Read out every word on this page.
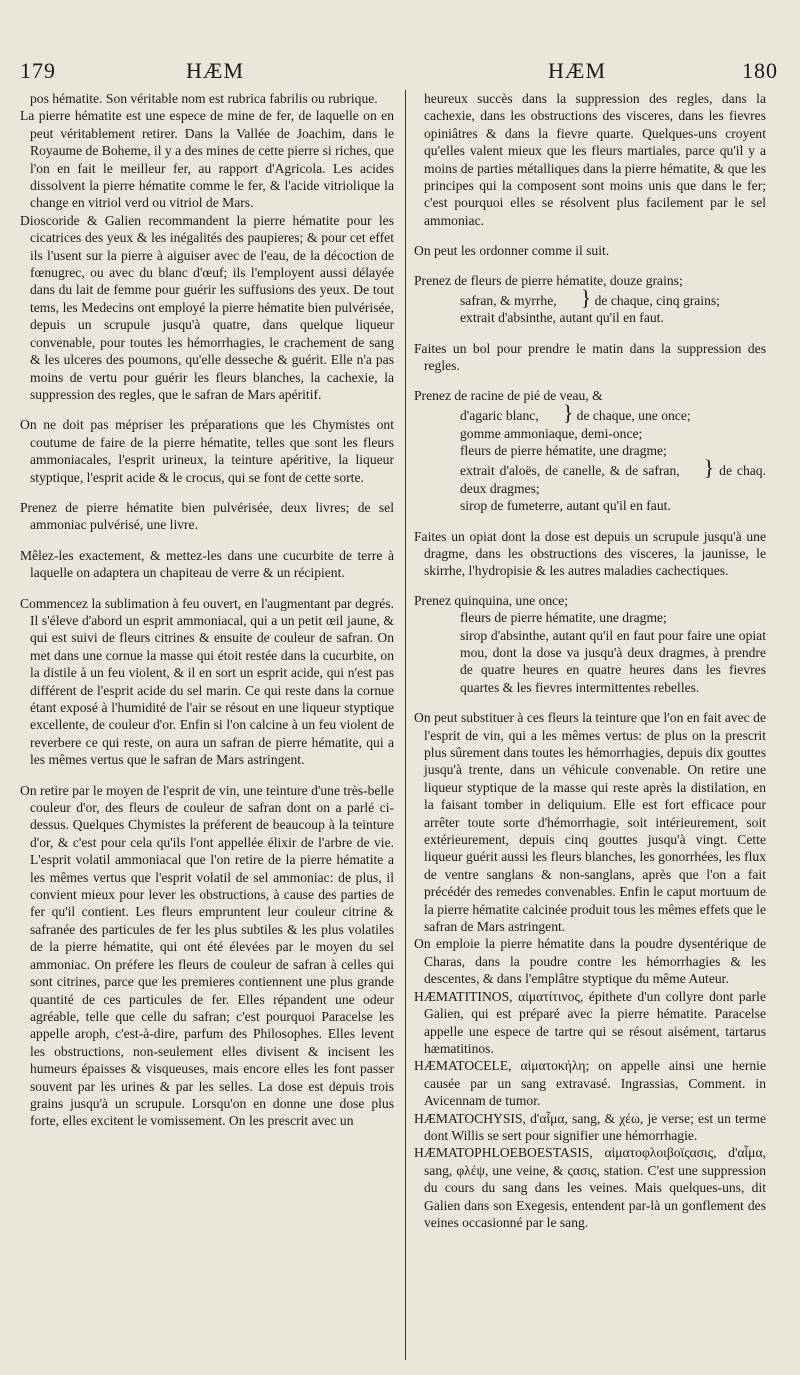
179	HÆM	HÆM	180

pos hématite. Son véritable nom est rubrica fabrilis ou rubrique.

La pierre hématite est une espece de mine de fer, de laquelle on en peut véritablement retirer. Dans la Vallée de Joachim, dans le Royaume de Boheme, il y a des mines de cette pierre si riches, que l'on en fait le meilleur fer, au rapport d'Agricola. Les acides dissolvent la pierre hématite comme le fer, & l'acide vitriolique la change en vitriol verd ou vitriol de Mars.

Dioscoride & Galien recommandent la pierre hématite pour les cicatrices des yeux & les inégalités des paupieres; & pour cet effet ils l'usent sur la pierre à aiguiser avec de l'eau, de la décoction de fœnugrec, ou avec du blanc d'œuf; ils l'employent aussi délayée dans du lait de femme pour guérir les suffusions des yeux. De tout tems, les Medecins ont employé la pierre hématite bien pulvérisée, depuis un scrupule jusqu'à quatre, dans quelque liqueur convenable, pour toutes les hémorrhagies, le crachement de sang & les ulceres des poumons, qu'elle desseche & guérit. Elle n'a pas moins de vertu pour guérir les fleurs blanches, la cachexie, la suppression des regles, que le safran de Mars apéritif.

On ne doit pas mépriser les préparations que les Chymistes ont coutume de faire de la pierre hématite, telles que sont les fleurs ammoniacales, l'esprit urineux, la teinture apéritive, la liqueur styptique, l'esprit acide & le crocus, qui se font de cette sorte.

Prenez de pierre hématite bien pulvérisée, deux livres; de sel ammoniac pulvérisé, une livre.

Mêlez-les exactement, & mettez-les dans une cucurbite de terre à laquelle on adaptera un chapiteau de verre & un récipient.

Commencez la sublimation à feu ouvert, en l'augmentant par degrés. Il s'éleve d'abord un esprit ammoniacal, qui a un petit œil jaune, & qui est suivi de fleurs citrines & ensuite de couleur de safran. On met dans une cornue la masse qui étoit restée dans la cucurbite, on la distile à un feu violent, & il en sort un esprit acide, qui n'est pas différent de l'esprit acide du sel marin. Ce qui reste dans la cornue étant exposé à l'humidité de l'air se résout en une liqueur styptique excellente, de couleur d'or. Enfin si l'on calcine à un feu violent de reverbere ce qui reste, on aura un safran de pierre hématite, qui a les mêmes vertus que le safran de Mars astringent.

On retire par le moyen de l'esprit de vin, une teinture d'une très-belle couleur d'or, des fleurs de couleur de safran dont on a parlé ci-dessus. Quelques Chymistes la préferent de beaucoup à la teinture d'or, & c'est pour cela qu'ils l'ont appellée élixir de l'arbre de vie. L'esprit volatil ammoniacal que l'on retire de la pierre hématite a les mêmes vertus que l'esprit volatil de sel ammoniac: de plus, il convient mieux pour lever les obstructions, à cause des parties de fer qu'il contient. Les fleurs empruntent leur couleur citrine & safranée des particules de fer les plus subtiles & les plus volatiles de la pierre hématite, qui ont été élevées par le moyen du sel ammoniac. On préfere les fleurs de couleur de safran à celles qui sont citrines, parce que les premieres contiennent une plus grande quantité de ces particules de fer. Elles répandent une odeur agréable, telle que celle du safran; c'est pourquoi Paracelse les appelle aroph, c'est-à-dire, parfum des Philosophes. Elles levent les obstructions, non-seulement elles divisent & incisent les humeurs épaisses & visqueuses, mais encore elles les font passer souvent par les urines & par les selles. La dose est depuis trois grains jusqu'à un scrupule. Lorsqu'on en donne une dose plus forte, elles excitent le vomissement. On les prescrit avec un

heureux succès dans la suppression des regles, dans la cachexie, dans les obstructions des visceres, dans les fievres opiniâtres & dans la fievre quarte. Quelques-uns croyent qu'elles valent mieux que les fleurs martiales, parce qu'il y a moins de parties métalliques dans la pierre hématite, & que les principes qui la composent sont moins unis que dans le fer; c'est pourquoi elles se résolvent plus facilement par le sel ammoniac.

On peut les ordonner comme il suit.

Prenez de fleurs de pierre hématite, douze grains;
safran, & myrrhe, } de chaque, cinq grains;
extrait d'absinthe, autant qu'il en faut.

Faites un bol pour prendre le matin dans la suppression des regles.

Prenez de racine de pié de veau, &
d'agaric blanc, } de chaque, une once;
gomme ammoniaque, demi-once;
fleurs de pierre hématite, une dragme;
extrait d'aloës, de canelle, & de safran, } de chaq. deux dragmes;
sirop de fumeterre, autant qu'il en faut.

Faites un opiat dont la dose est depuis un scrupule jusqu'à une dragme, dans les obstructions des visceres, la jaunisse, le skirrhe, l'hydropisie & les autres maladies cachectiques.

Prenez quinquina, une once;
fleurs de pierre hématite, une dragme;
sirop d'absinthe, autant qu'il en faut pour faire une opiat mou, dont la dose va jusqu'à deux dragmes, à prendre de quatre heures en quatre heures dans les fievres quartes & les fievres intermittentes rebelles.

On peut substituer à ces fleurs la teinture que l'on en fait avec de l'esprit de vin, qui a les mêmes vertus: de plus on la prescrit plus sûrement dans toutes les hémorrhagies, depuis dix gouttes jusqu'à trente, dans un véhicule convenable. On retire une liqueur styptique de la masse qui reste après la distilation, en la faisant tomber in deliquium. Elle est fort efficace pour arrêter toute sorte d'hémorrhagie, soit intérieurement, soit extérieurement, depuis cinq gouttes jusqu'à vingt. Cette liqueur guérit aussi les fleurs blanches, les gonorrhées, les flux de ventre sanglans & non-sanglans, après que l'on a fait précédér des remedes convenables. Enfin le caput mortuum de la pierre hématite calcinée produit tous les mêmes effets que le safran de Mars astringent.

On emploie la pierre hématite dans la poudre dysentérique de Charas, dans la poudre contre les hémorrhagies & les descentes, & dans l'emplâtre styptique du même Auteur.

HÆMATITINOS, αἱματίτινος, épithete d'un collyre dont parle Galien, qui est préparé avec la pierre hématite. Paracelse appelle une espece de tartre qui se résout aisément, tartarus hæmatitinos.

HÆMATOCELE, αἱματοκήλη; on appelle ainsi une hernie causée par un sang extravasé. Ingrassias, Comment. in Avicennam de tumor.

HÆMATOCHYSIS, d'αἷμα, sang, & χέω, je verse; est un terme dont Willis se sert pour signifier une hémorrhagie.

HÆMATOPHLOEBOESTASIS, αἱματοφλοιβοϊςασις, d'αἷμα, sang, φλέψ, une veine, & ςασις, station. C'est une suppression du cours du sang dans les veines. Mais quelques-uns, dit Galien dans son Exegesis, entendent par-là un gonflement des veines occasionné par le sang.
